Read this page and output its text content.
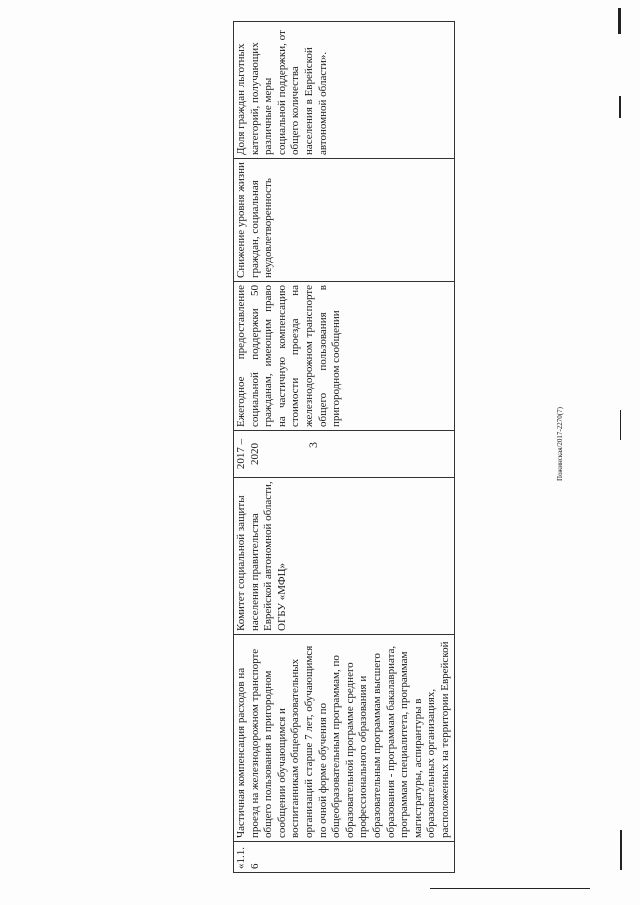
3
«1.1.6	Частичная компенсация расходов на проезд на железнодорожном транспорте общего пользования в пригородном сообщении обучающимся и воспитанникам общеобразовательных организаций старше 7 лет, обучающимся по очной форме обучения по общеобразовательным программам, по образовательной программе среднего профессионального образования и образовательным программам высшего образования - программам бакалавриата, программам специалитета, программам магистратуры, аспирантуры в образовательных организациях, расположенных на территории Еврейской	Комитет социальной защиты населения правительства Еврейской автономной области, ОГБУ «МФЦ»	2017 – 2020	Ежегодное предоставление социальной поддержки 50 гражданам, имеющим право на частичную компенсацию стоимости проезда на железнодорожном транспорте общего пользования в пригородном сообщении	Снижение уровня жизни граждан, социальная неудовлетворенность	Доля граждан льготных категорий, получающих различные меры социальной поддержки, от общего количества населения в Еврейской автономной области».
Пожинская/2017-2270(7)
